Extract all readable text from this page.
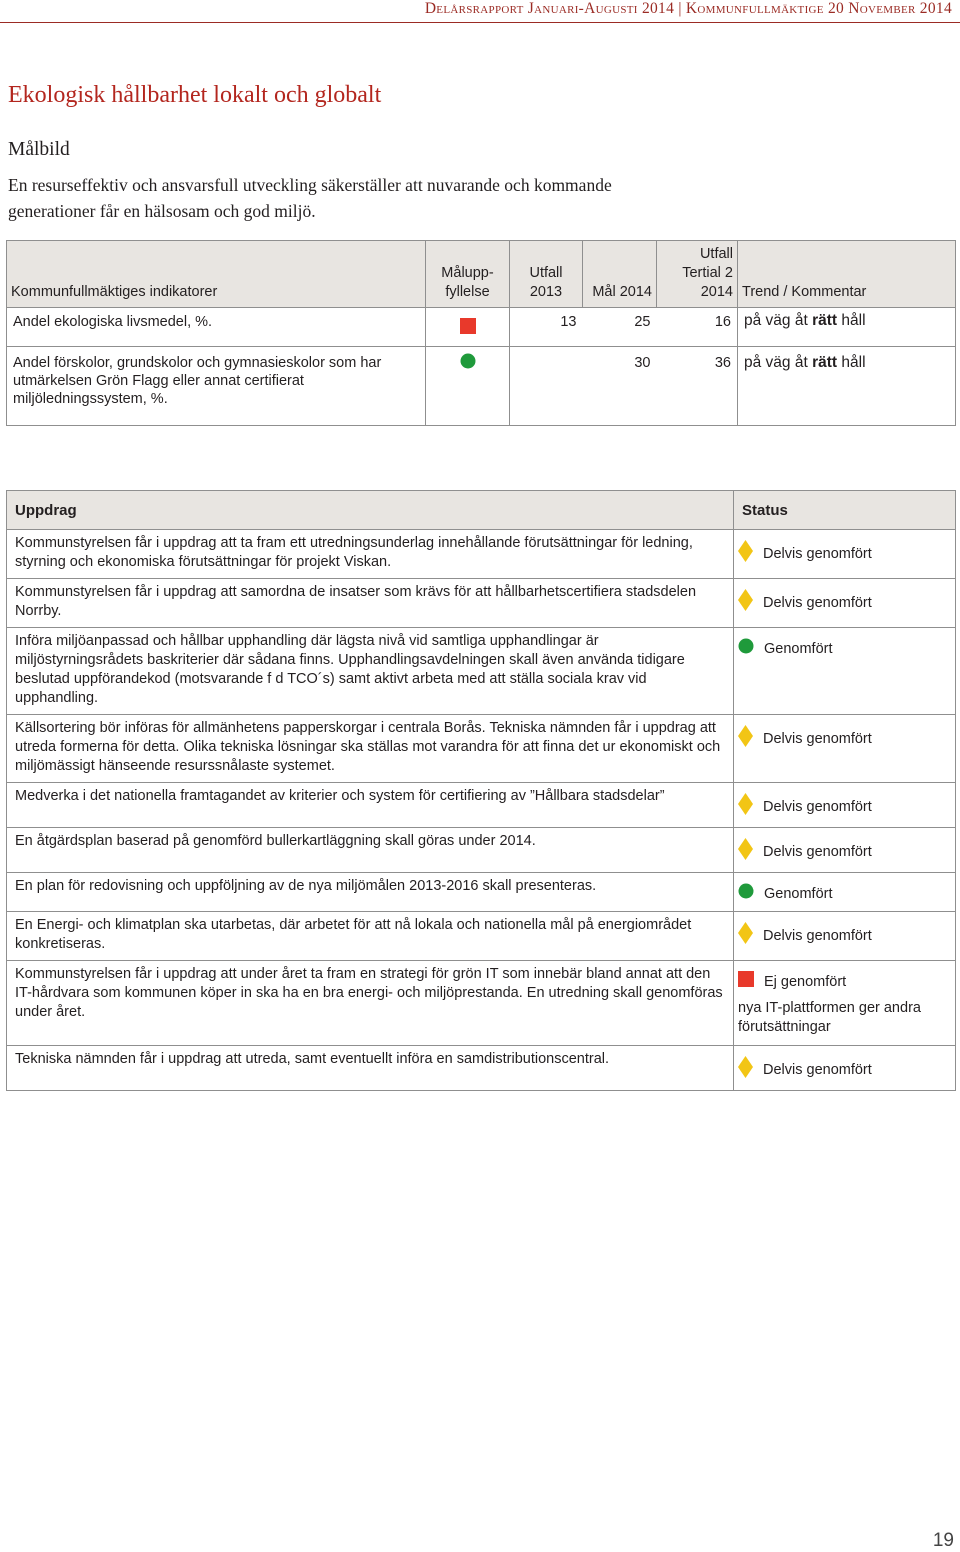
Delårsrapport Januari-Augusti 2014 | Kommunfullmäktige 20 November 2014
Ekologisk hållbarhet lokalt och globalt
Målbild
En resurseffektiv och ansvarsfull utveckling säkerställer att nuvarande och kommande generationer får en hälsosam och god miljö.
Kommunfullmäktiges indikatorer	Målupp-fyllelse	Utfall 2013	Mål 2014	Utfall Tertial 2 2014	Trend / Kommentar
Andel ekologiska livsmedel, %.		13	25	16	på väg åt rätt håll
Andel förskolor, grundskolor och gymnasieskolor som har utmärkelsen Grön Flagg eller annat certifierat miljöledningssystem, %.			30	36	på väg åt rätt håll
Uppdrag	Status
Kommunstyrelsen får i uppdrag att ta fram ett utredningsunderlag innehållande förutsättningar för ledning, styrning och ekonomiska förutsättningar för projekt Viskan.	Delvis genomfört

Kommunstyrelsen får i uppdrag att samordna de insatser som krävs för att hållbarhetscertifiera stadsdelen Norrby.	Delvis genomfört

Införa miljöanpassad och hållbar upphandling där lägsta nivå vid samtliga upphandlingar är miljöstyrningsrådets baskriterier där sådana finns. Upphandlingsavdelningen skall även använda tidigare beslutad uppförandekod (motsvarande f d TCO´s) samt aktivt arbeta med att ställa sociala krav vid upphandling.	Genomfört

Källsortering bör införas för allmänhetens papperskorgar i centrala Borås. Tekniska nämnden får i uppdrag att utreda formerna för detta. Olika tekniska lösningar ska ställas mot varandra för att finna det ur ekonomiskt och miljömässigt hänseende resurssnålaste systemet.	Delvis genomfört

Medverka i det nationella framtagandet av kriterier och system för certifiering av ”Hållbara stadsdelar”	Delvis genomfört

En åtgärdsplan baserad på genomförd bullerkartläggning skall göras under 2014.	Delvis genomfört

En plan för redovisning och uppföljning av de nya miljömålen 2013-2016 skall presenteras.	Genomfört

En Energi- och klimatplan ska utarbetas, där arbetet för att nå lokala och nationella mål på energiområdet konkretiseras.	Delvis genomfört

Kommunstyrelsen får i uppdrag att under året ta fram en strategi för grön IT som innebär bland annat att den IT-hårdvara som kommunen köper in ska ha en bra energi- och miljöprestanda. En utredning skall genomföras under året.	Ej genomfört
nya IT-plattformen ger andra förutsättningar

Tekniska nämnden får i uppdrag att utreda, samt eventuellt införa en samdistributionscentral.	Delvis genomfört
19
